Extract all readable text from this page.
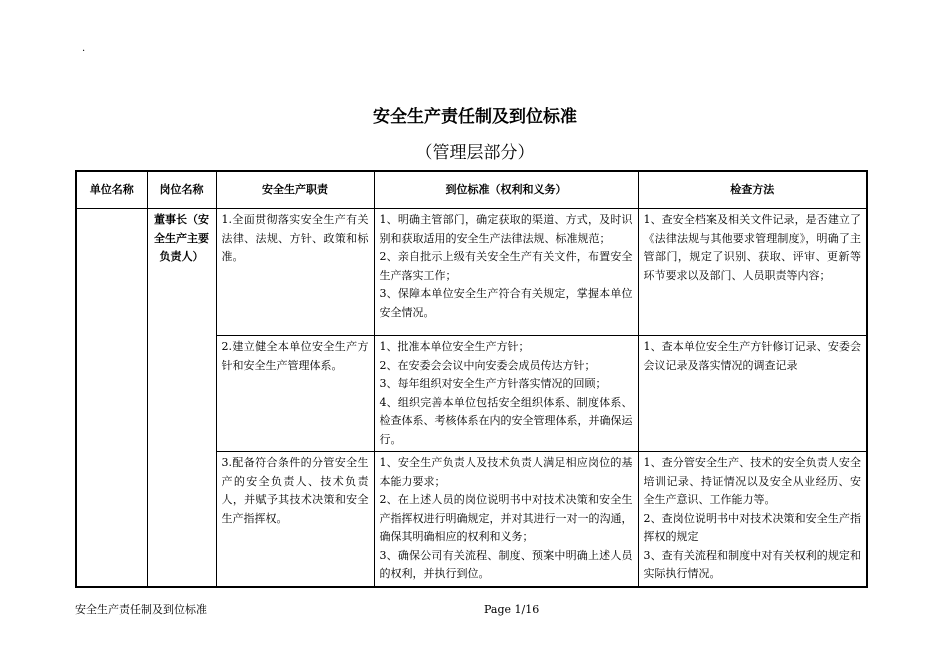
.
安全生产责任制及到位标准
（管理层部分）
单位名称	岗位名称	安全生产职责	到位标准（权利和义务）	检查方法
	董事长（安全生产主要负责人）	1.全面贯彻落实安全生产有关法律、法规、方针、政策和标准。	1、明确主管部门，确定获取的渠道、方式，及时识别和获取适用的安全生产法律法规、标准规范；
2、亲自批示上级有关安全生产有关文件，布置安全生产落实工作；
3、保障本单位安全生产符合有关规定，掌握本单位安全情况。	1、查安全档案及相关文件记录，是否建立了《法律法规与其他要求管理制度》，明确了主管部门，规定了识别、获取、评审、更新等环节要求以及部门、人员职责等内容；

		2.建立健全本单位安全生产方针和安全生产管理体系。	1、批准本单位安全生产方针；
2、在安委会会议中向安委会成员传达方针；
3、每年组织对安全生产方针落实情况的回顾；
4、组织完善本单位包括安全组织体系、制度体系、检查体系、考核体系在内的安全管理体系，并确保运行。	1、查本单位安全生产方针修订记录、安委会会议记录及落实情况的调查记录

		3.配备符合条件的分管安全生产的安全负责人、技术负责人，并赋予其技术决策和安全生产指挥权。	1、安全生产负责人及技术负责人满足相应岗位的基本能力要求；
2、在上述人员的岗位说明书中对技术决策和安全生产指挥权进行明确规定，并对其进行一对一的沟通，确保其明确相应的权利和义务；
3、确保公司有关流程、制度、预案中明确上述人员的权利，并执行到位。	1、查分管安全生产、技术的安全负责人安全培训记录、持证情况以及安全从业经历、安全生产意识、工作能力等。
2、查岗位说明书中对技术决策和安全生产指挥权的规定
3、查有关流程和制度中对有关权利的规定和实际执行情况。
安全生产责任制及到位标准	Page 1/16
